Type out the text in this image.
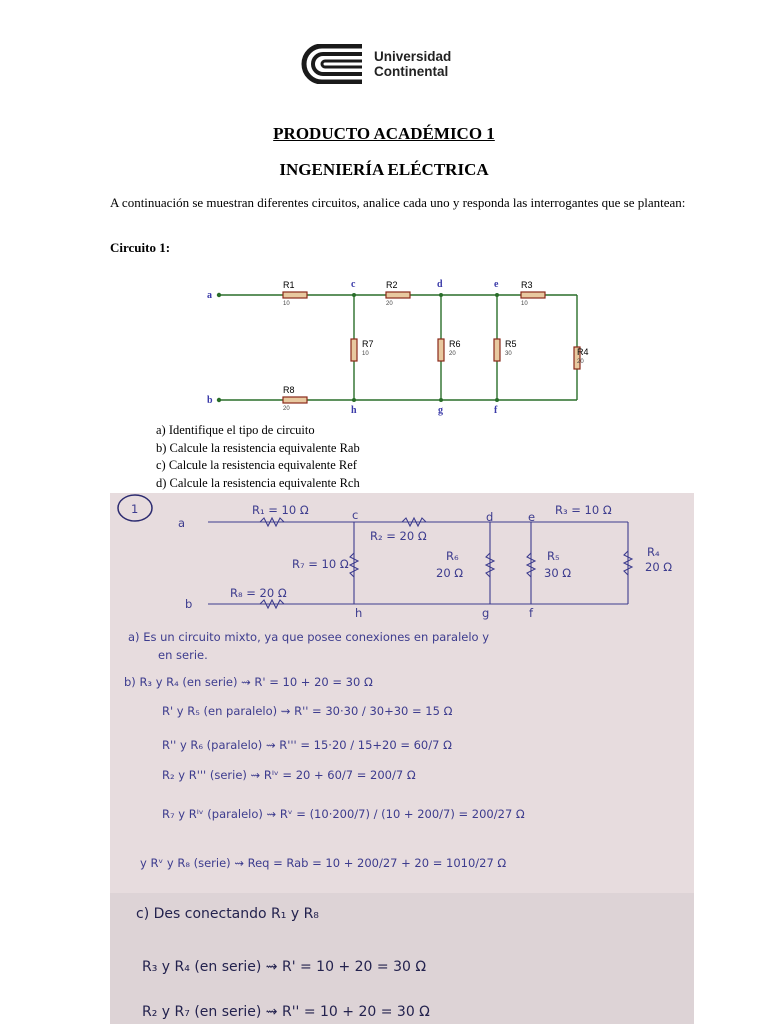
Universidad
Continental
PRODUCTO ACADÉMICO 1
INGENIERÍA ELÉCTRICA
A continuación se muestran diferentes circuitos, analice cada uno y responda las interrogantes que se plantean:
Circuito 1:
a
b
c	d	e
f
g
h
R1
10
R2
20
R3
10
R4
20
R5
30
R6
20
R7
10
R8
20
a) Identifique el tipo de circuito
b) Calcule la resistencia equivalente Rab
c) Calcule la resistencia equivalente Ref
d) Calcule la resistencia equivalente Rch
1
a
b
c	d	e
h	g	f
R₁ = 10 Ω
R₂ = 20 Ω
R₃ = 10 Ω
R₄
20 Ω
R₅
30 Ω
R₆
20 Ω
R₇ = 10 Ω
R₈ = 20 Ω
a) Es un circuito mixto, ya que posee conexiones en paralelo y
en serie.
b) R₃ y R₄ (en serie) ⇝ R' = 10 + 20 = 30 Ω
R' y R₅ (en paralelo) ⇝ R'' = 30·30 / 30+30 = 15 Ω
R'' y R₆ (paralelo) ⇝ R''' = 15·20 / 15+20 = 60/7 Ω
R₂ y R''' (serie) ⇝ Rᴵᵛ = 20 + 60/7 = 200/7 Ω
R₇ y Rᴵᵛ (paralelo) ⇝ Rᵛ = (10·200/7) / (10 + 200/7) = 200/27 Ω
y Rᵛ y R₈ (serie) ⇝ Req = Rab = 10 + 200/27 + 20 = 1010/27 Ω
c) Des conectando R₁ y R₈
R₃ y R₄ (en serie) ⇝ R' = 10 + 20 = 30 Ω
R₂ y R₇ (en serie) ⇝ R'' = 10 + 20 = 30 Ω
